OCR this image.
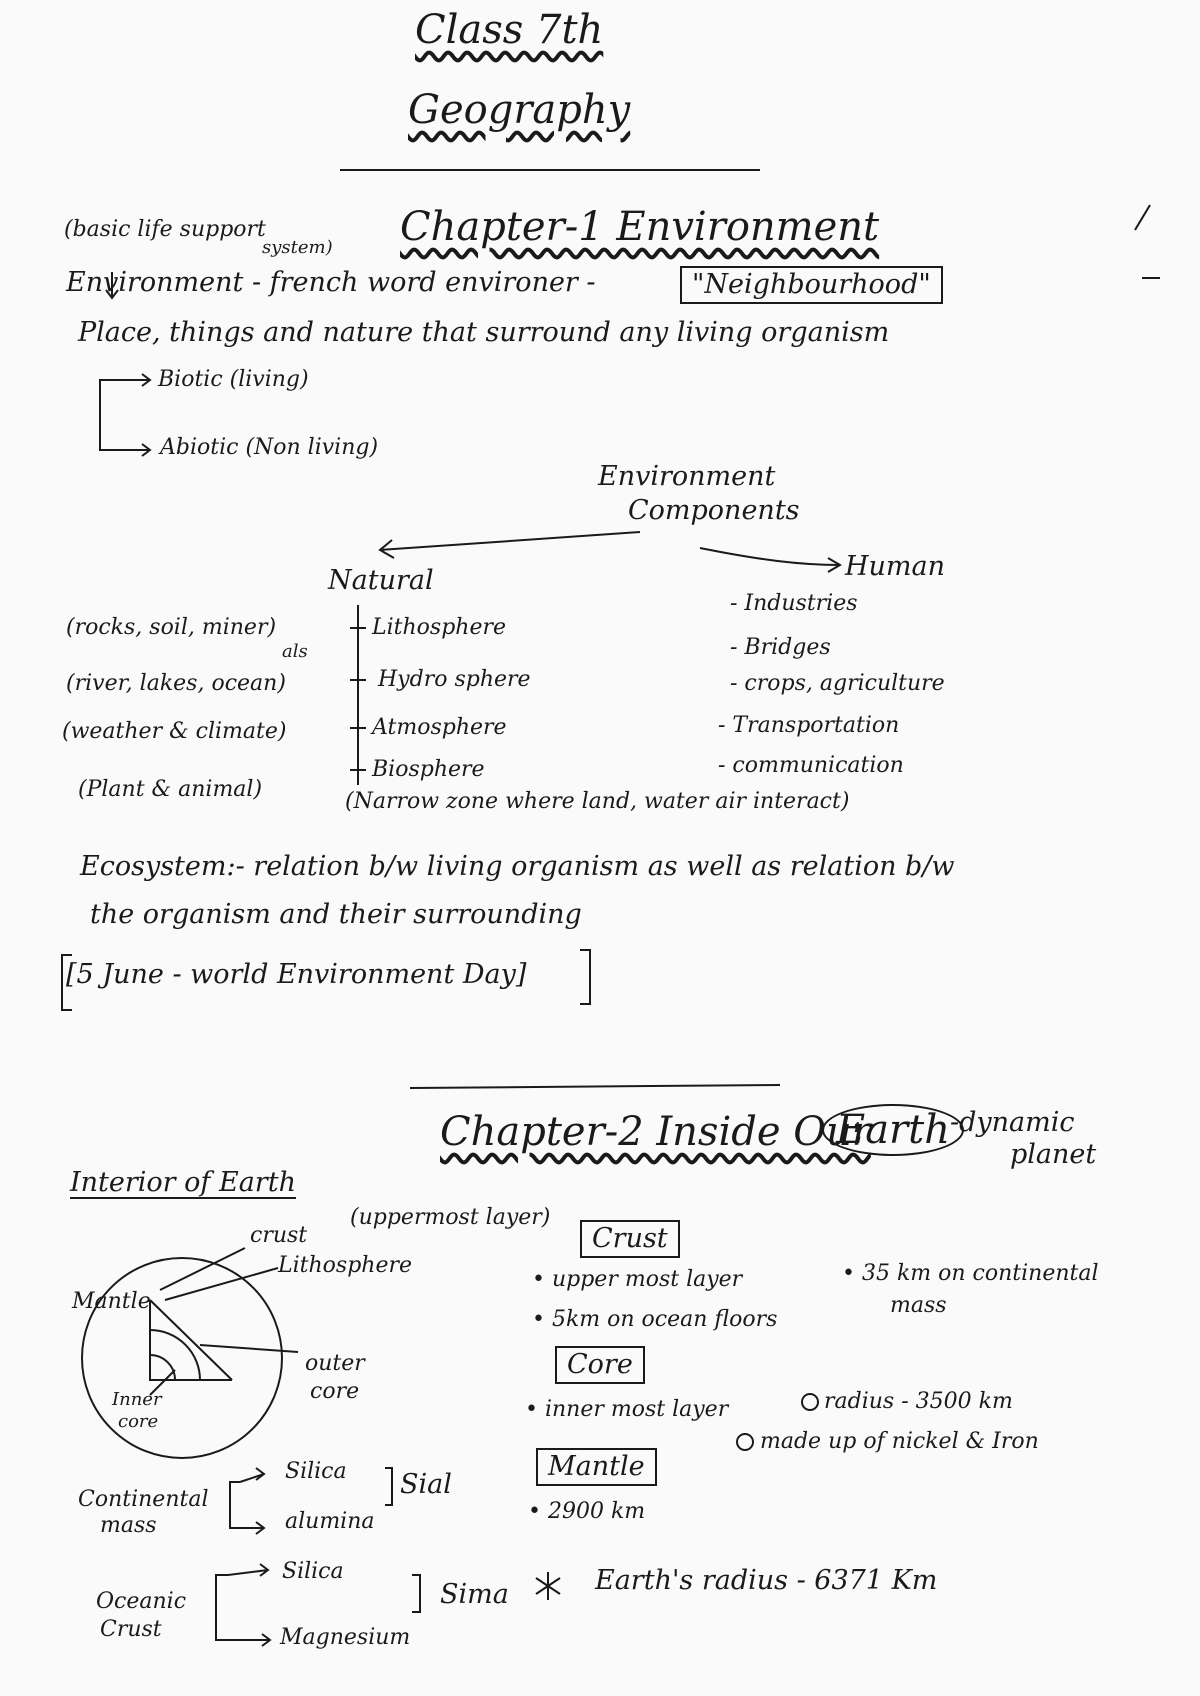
Class 7th
Geography
(basic life support
system) Chapter-1 Environment
Environment - french word environer -	"Neighbourhood"
Place, things and nature that surround any living organism
Biotic (living)
Abiotic (Non living)
Environment
Components
Natural	Human
(rocks, soil, miner)
als
Lithosphere
(river, lakes, ocean)	Hydro sphere
(weather & climate)	Atmosphere
(Plant & animal)
Biosphere
(Narrow zone where land, water air interact)
- Industries
- Bridges
- crops, agriculture
- Transportation
- communication
Ecosystem:- relation b/w living organism as well as relation b/w
the organism and their surrounding
[5 June - world Environment Day]
Chapter-2 Inside Our
Earth -dynamic
planet
Interior of Earth
crust
(uppermost layer)
Lithosphere
Mantle
outer
core
Inner
core
Crust
• upper most layer	• 35 km on continental
mass
• 5km on ocean floors
Core
• inner most layer	radius - 3500 km
made up of nickel & Iron
Mantle
• 2900 km
Continental
mass
Silica
alumina
Sial
Oceanic
Crust
Silica
Magnesium
Sima	Earth's radius - 6371 Km
